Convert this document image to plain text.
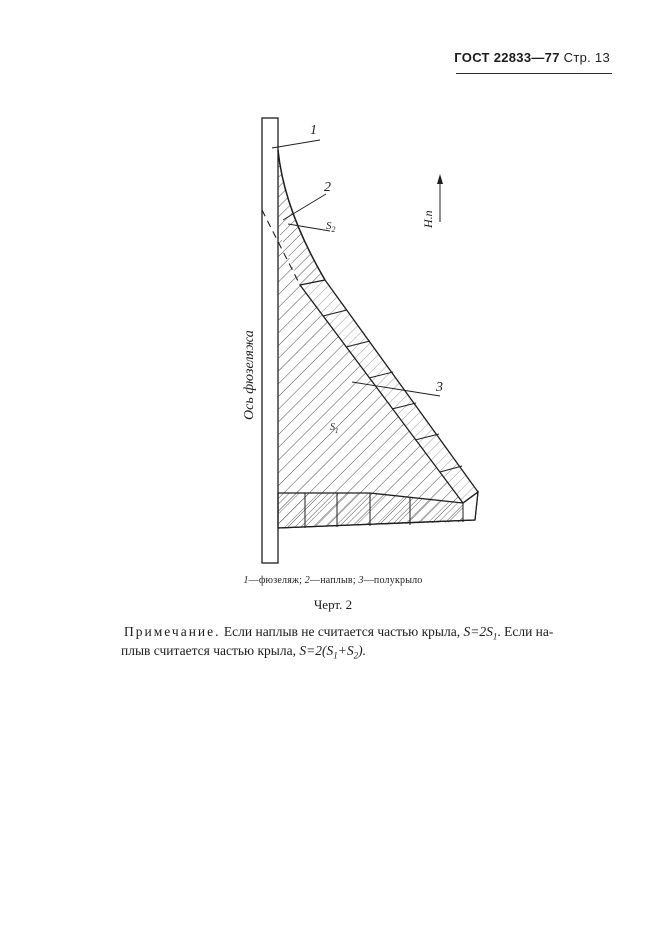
ГОСТ 22833—77 Стр. 13
1
2
$S_2$
3
$S_1$
Ось фюзеляжа
Н.п
1—фюзеляж; 2—наплыв; 3—полукрыло
Черт. 2
Примечание. Если наплыв не считается частью крыла, $S=2S_1$. Если на-
плыв считается частью крыла, $S=2(S_1+S_2)$.
